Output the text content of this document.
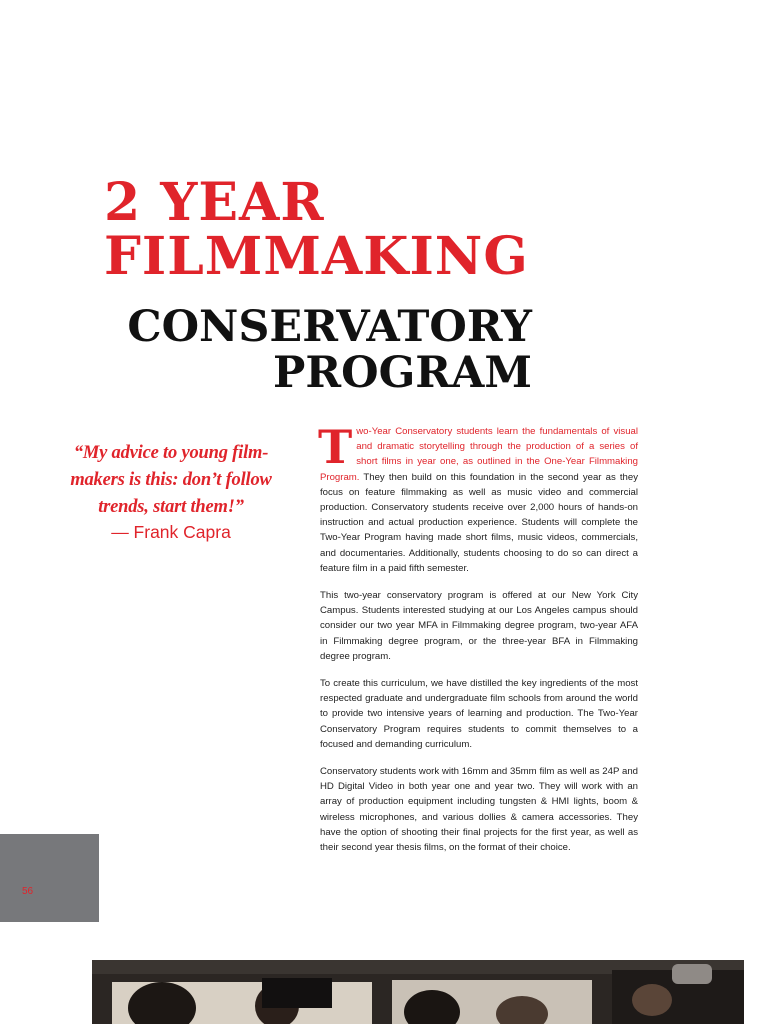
2 YEAR
FILMMAKING
CONSERVATORY
PROGRAM
“My advice to young film-makers is this: don’t follow trends, start them!”
— Frank Capra

Two-Year Conservatory students learn the fundamentals of visual and dramatic storytelling through the production of a series of short films in year one, as outlined in the One-Year Filmmaking Program. They then build on this foundation in the second year as they focus on feature filmmaking as well as music video and commercial production. Conservatory students receive over 2,000 hours of hands-on instruction and actual production experience. Students will complete the Two-Year Program having made short films, music videos, commercials, and documentaries. Additionally, students choosing to do so can direct a feature film in a paid fifth semester.

This two-year conservatory program is offered at our New York City Campus. Students interested studying at our Los Angeles campus should consider our two year MFA in Filmmaking degree program, two-year AFA in Filmmaking degree program, or the three-year BFA in Filmmaking degree program.

To create this curriculum, we have distilled the key ingredients of the most respected graduate and undergraduate film schools from around the world to provide two intensive years of learning and production. The Two-Year Conservatory Program requires students to commit themselves to a focused and demanding curriculum.

Conservatory students work with 16mm and 35mm film as well as 24P and HD Digital Video in both year one and year two. They will work with an array of production equipment including tungsten & HMI lights, boom & wireless microphones, and various dollies & camera accessories. They have the option of shooting their final projects for the first year, as well as their second year thesis films, on the format of their choice.

56
